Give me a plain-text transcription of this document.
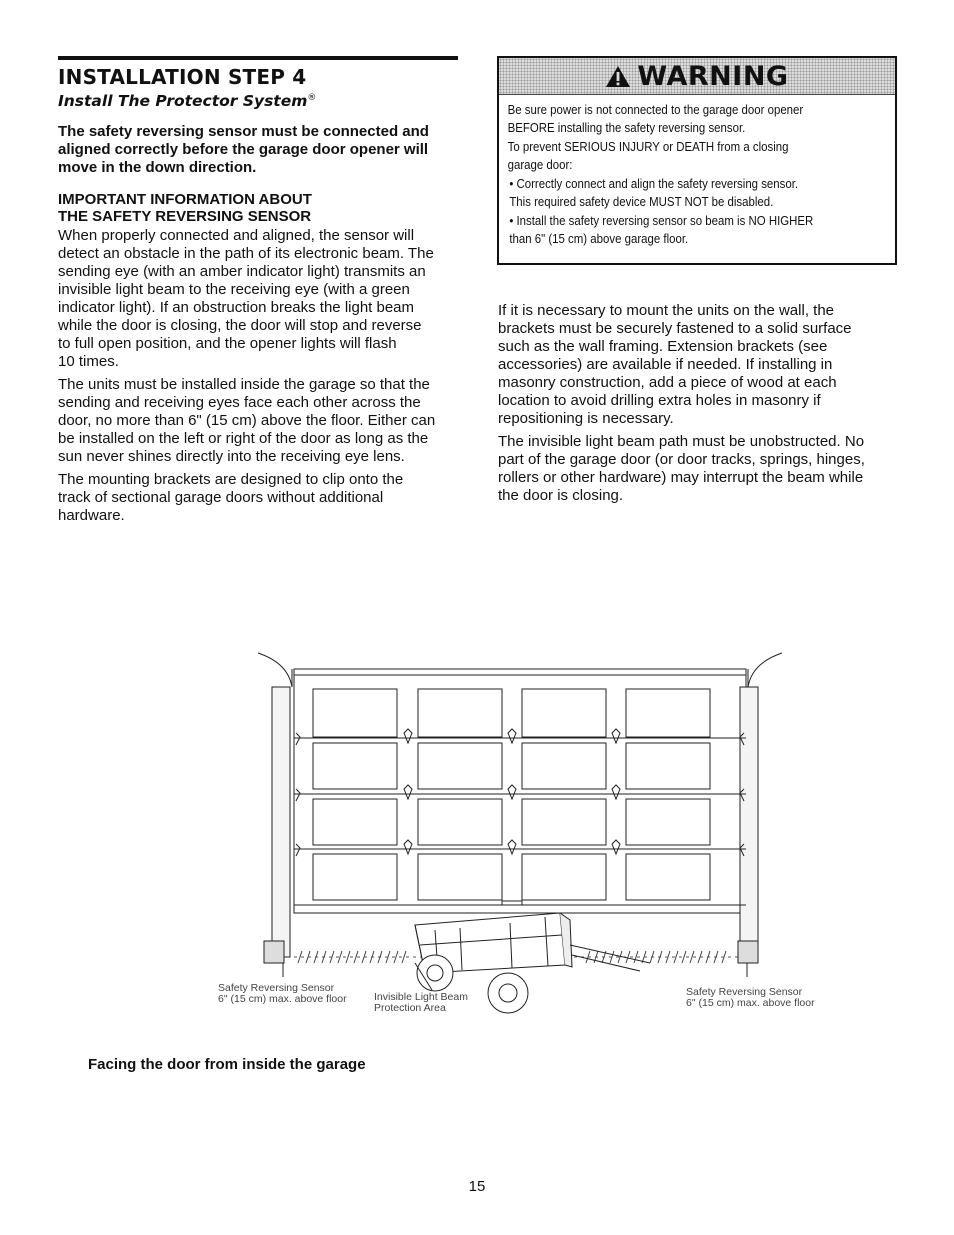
INSTALLATION STEP 4
Install The Protector System®

The safety reversing sensor must be connected and
aligned correctly before the garage door opener will
move in the down direction.

IMPORTANT INFORMATION ABOUT
THE SAFETY REVERSING SENSOR

When properly connected and aligned, the sensor will
detect an obstacle in the path of its electronic beam. The
sending eye (with an amber indicator light) transmits an
invisible light beam to the receiving eye (with a green
indicator light). If an obstruction breaks the light beam
while the door is closing, the door will stop and reverse
to full open position, and the opener lights will flash
10 times.

The units must be installed inside the garage so that the
sending and receiving eyes face each other across the
door, no more than 6" (15 cm) above the floor. Either can
be installed on the left or right of the door as long as the
sun never shines directly into the receiving eye lens.

The mounting brackets are designed to clip onto the
track of sectional garage doors without additional
hardware.

WARNING

Be sure power is not connected to the garage door opener
BEFORE installing the safety reversing sensor.

To prevent SERIOUS INJURY or DEATH from a closing
garage door:

• Correctly connect and align the safety reversing sensor.
This required safety device MUST NOT be disabled.

• Install the safety reversing sensor so beam is NO HIGHER
than 6" (15 cm) above garage floor.

If it is necessary to mount the units on the wall, the
brackets must be securely fastened to a solid surface
such as the wall framing. Extension brackets (see
accessories) are available if needed. If installing in
masonry construction, add a piece of wood at each
location to avoid drilling extra holes in masonry if
repositioning is necessary.

The invisible light beam path must be unobstructed. No
part of the garage door (or door tracks, springs, hinges,
rollers or other hardware) may interrupt the beam while
the door is closing.

Safety Reversing Sensor
6" (15 cm) max. above floor	Invisible Light Beam
Protection Area
Safety Reversing Sensor
6" (15 cm) max. above floor
Facing the door from inside the garage
15
